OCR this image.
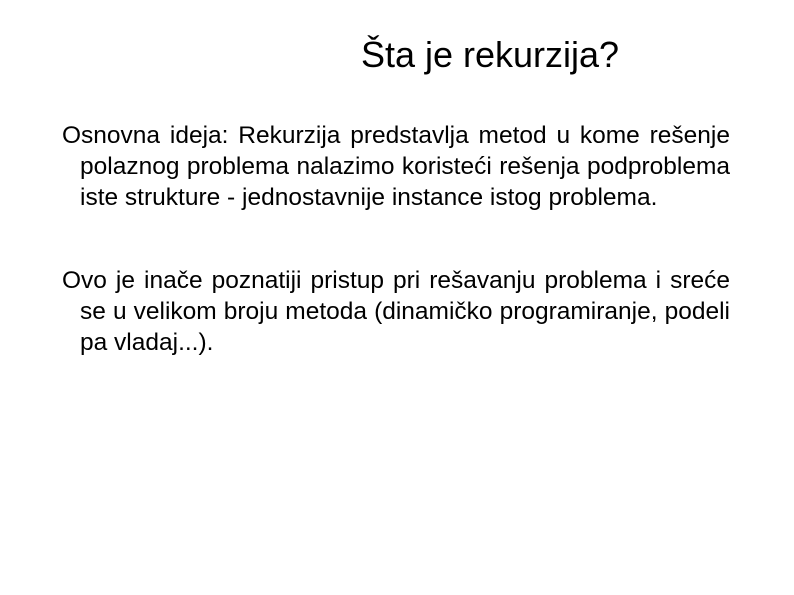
Šta je rekurzija?

Osnovna ideja: Rekurzija predstavlja metod u kome rešenje polaznog problema nalazimo koristeći rešenja podproblema iste strukture - jednostavnije instance istog problema.

Ovo je inače poznatiji pristup pri rešavanju problema i sreće se u velikom broju metoda (dinamičko programiranje, podeli pa vladaj...).
